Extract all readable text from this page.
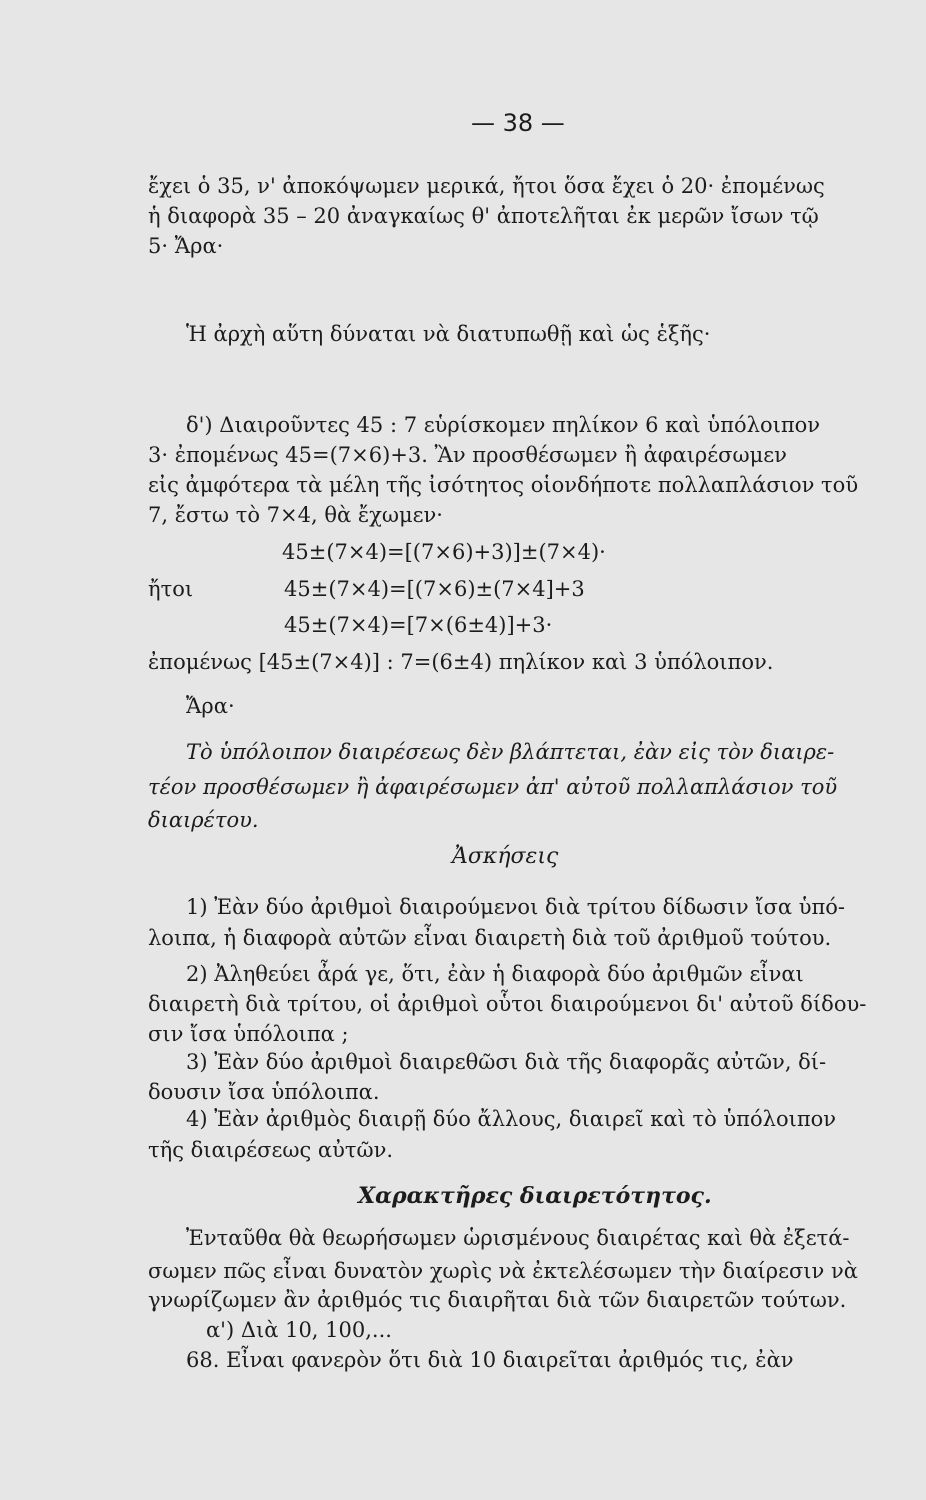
— 38 —
ἔχει ὁ 35, ν' ἀποκόψωμεν μερικά, ἤτοι ὅσα ἔχει ὁ 20· ἐπομένως
ἡ διαφορὰ 35 – 20 ἀναγκαίως θ' ἀποτελῆται ἐκ μερῶν ἴσων τῷ
5· Ἄρα·
Ἡ ἀρχὴ αὕτη δύναται νὰ διατυπωθῇ καὶ ὡς ἑξῆς·
δ') Διαιροῦντες 45 : 7 εὑρίσκομεν πηλίκον 6 καὶ ὑπόλοιπον
3· ἐπομένως 45=(7×6)+3. Ἂν προσθέσωμεν ἢ ἀφαιρέσωμεν
εἰς ἀμφότερα τὰ μέλη τῆς ἰσότητος οἱονδήποτε πολλαπλάσιον τοῦ
7, ἔστω τὸ 7×4, θὰ ἔχωμεν·
45±(7×4)=[(7×6)+3)]±(7×4)·
ἤτοι	45±(7×4)=[(7×6)±(7×4]+3
45±(7×4)=[7×(6±4)]+3·
ἐπομένως [45±(7×4)] : 7=(6±4) πηλίκον καὶ 3 ὑπόλοιπον.
Ἄρα·
Τὸ ὑπόλοιπον διαιρέσεως δὲν βλάπτεται, ἐὰν εἰς τὸν διαιρε-
τέον προσθέσωμεν ἢ ἀφαιρέσωμεν ἀπ' αὐτοῦ πολλαπλάσιον τοῦ
διαιρέτου.
Ἀσκήσεις
1) Ἐὰν δύο ἀριθμοὶ διαιρούμενοι διὰ τρίτου δίδωσιν ἴσα ὑπό-
λοιπα, ἡ διαφορὰ αὐτῶν εἶναι διαιρετὴ διὰ τοῦ ἀριθμοῦ τούτου.
2) Ἀληθεύει ἆρά γε, ὅτι, ἐὰν ἡ διαφορὰ δύο ἀριθμῶν εἶναι
διαιρετὴ διὰ τρίτου, οἱ ἀριθμοὶ οὗτοι διαιρούμενοι δι' αὐτοῦ δίδου-
σιν ἴσα ὑπόλοιπα ;
3) Ἐὰν δύο ἀριθμοὶ διαιρεθῶσι διὰ τῆς διαφορᾶς αὐτῶν, δί-
δουσιν ἴσα ὑπόλοιπα.
4) Ἐὰν ἀριθμὸς διαιρῇ δύο ἄλλους, διαιρεῖ καὶ τὸ ὑπόλοιπον
τῆς διαιρέσεως αὐτῶν.
Χαρακτῆρες διαιρετότητος.
Ἐνταῦθα θὰ θεωρήσωμεν ὡρισμένους διαιρέτας καὶ θὰ ἐξετά-
σωμεν πῶς εἶναι δυνατὸν χωρὶς νὰ ἐκτελέσωμεν τὴν διαίρεσιν νὰ
γνωρίζωμεν ἂν ἀριθμός τις διαιρῆται διὰ τῶν διαιρετῶν τούτων.
α') Διὰ 10, 100,...
68. Εἶναι φανερὸν ὅτι διὰ 10 διαιρεῖται ἀριθμός τις, ἐὰν
